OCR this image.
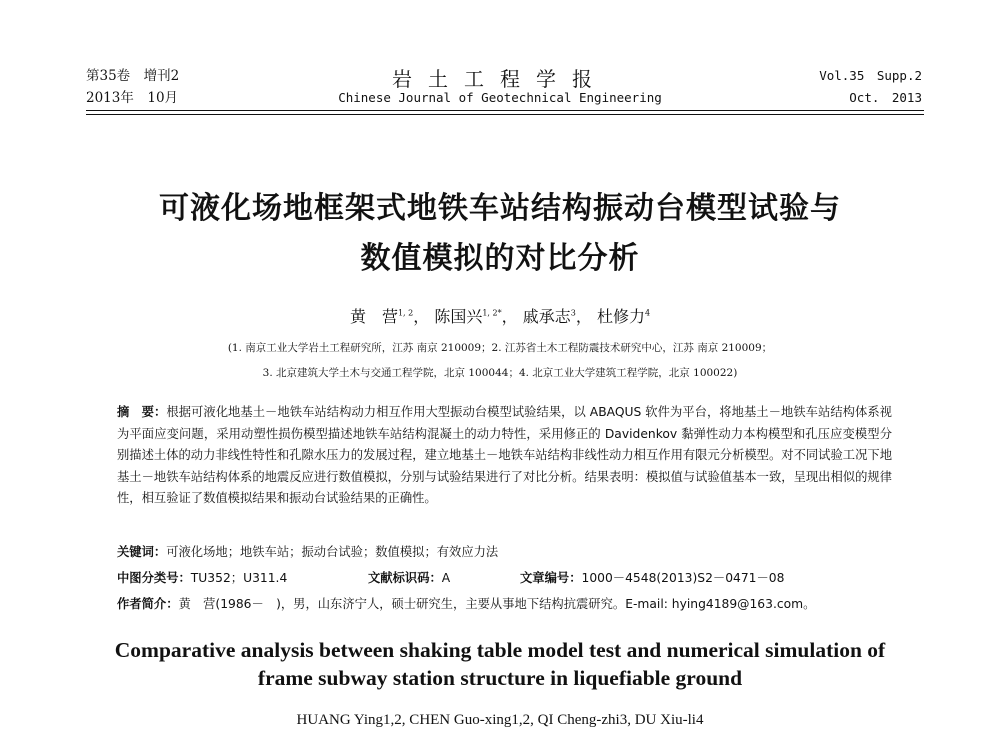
第35卷　增刊2
2013年　10月
岩土工程学报
Chinese Journal of Geotechnical Engineering
Vol.35　Supp.2
Oct.　2013
可液化场地框架式地铁车站结构振动台模型试验与
数值模拟的对比分析
黄　营$^{1, 2}$， 陈国兴$^{1, 2*}$， 戚承志$^3$， 杜修力$^4$
(1. 南京工业大学岩土工程研究所，江苏 南京 210009；2. 江苏省土木工程防震技术研究中心，江苏 南京 210009；
3. 北京建筑大学土木与交通工程学院，北京 100044；4. 北京工业大学建筑工程学院，北京 100022)
摘　要：根据可液化地基土－地铁车站结构动力相互作用大型振动台模型试验结果，以 ABAQUS 软件为平台，将地基土－地铁车站结构体系视为平面应变问题，采用动塑性损伤模型描述地铁车站结构混凝土的动力特性，采用修正的 Davidenkov 黏弹性动力本构模型和孔压应变模型分别描述土体的动力非线性特性和孔隙水压力的发展过程，建立地基土－地铁车站结构非线性动力相互作用有限元分析模型。对不同试验工况下地基土－地铁车站结构体系的地震反应进行数值模拟，分别与试验结果进行了对比分析。结果表明：模拟值与试验值基本一致，呈现出相似的规律性，相互验证了数值模拟结果和振动台试验结果的正确性。
关键词：可液化场地；地铁车站；振动台试验；数值模拟；有效应力法
中图分类号：TU352；U311.4	文献标识码：A	文章编号：1000－4548(2013)S2－0471－08
作者简介：黄　营(1986－　)，男，山东济宁人，硕士研究生，主要从事地下结构抗震研究。E-mail: hying4189@163.com。
Comparative analysis between shaking table model test and numerical simulation of
frame subway station structure in liquefiable ground
HUANG Ying1,2, CHEN Guo-xing1,2, QI Cheng-zhi3, DU Xiu-li4
